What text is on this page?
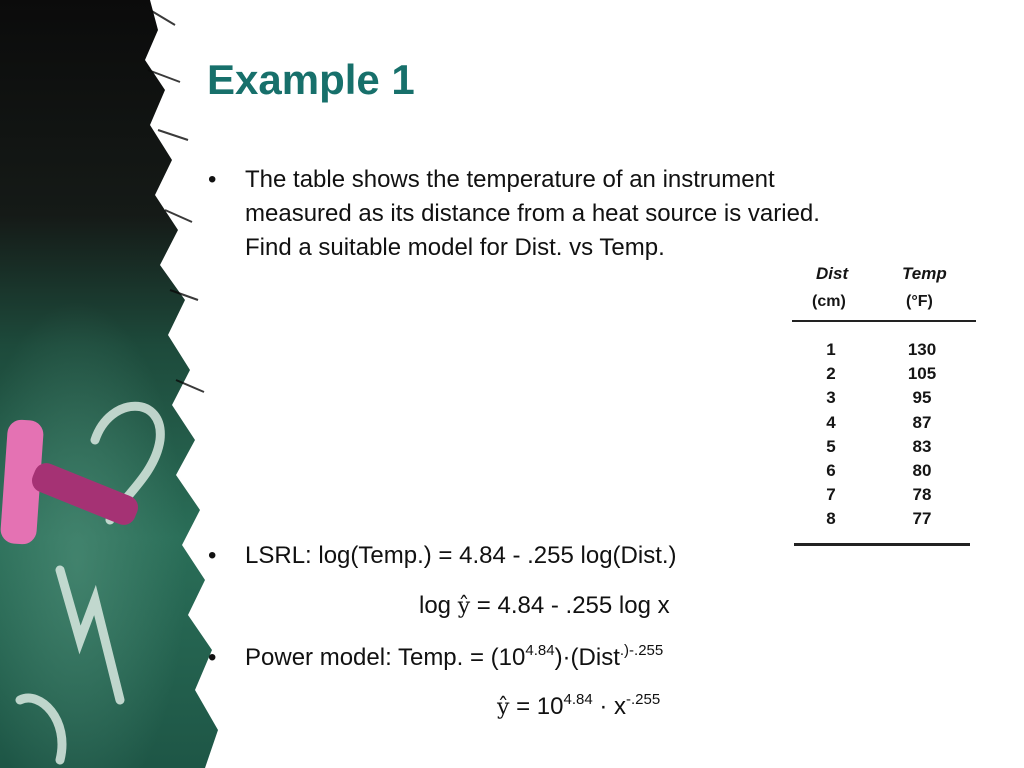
Example 1
• The table shows the temperature of an instrument
measured as its distance from a heat source is varied.
Find a suitable model for Dist. vs Temp.
Dist	Temp
(cm)	(°F)
1
2
3
4
5
6
7
8
130
105
95
87
83
80
78
77
• LSRL: log(Temp.) = 4.84 - .255 log(Dist.)
log ŷ = 4.84 - .255 log x
• Power model: Temp. = $(10^{4.84})\cdot(Dist^{.)-.255}$
ŷ = $10^{4.84} \cdot x^{-.255}$
